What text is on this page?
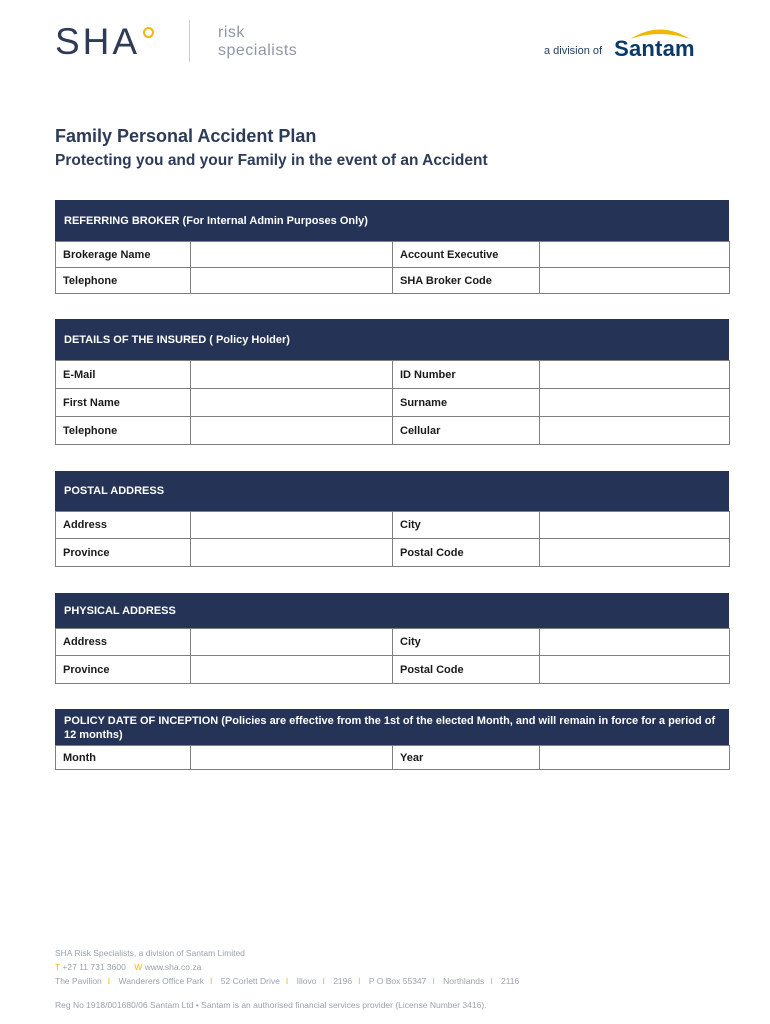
SHA	risk
specialists	a division of Santam
Family Personal Accident Plan
Protecting you and your Family in the event of an Accident
REFERRING BROKER (For Internal Admin Purposes Only)
Brokerage Name		Account Executive	
Telephone		SHA Broker Code	
DETAILS OF THE INSURED ( Policy Holder)
E-Mail		ID Number	
First Name		Surname	
Telephone		Cellular	
POSTAL ADDRESS
Address		City	
Province		Postal Code	
PHYSICAL ADDRESS
Address		City	
Province		Postal Code	
POLICY DATE OF INCEPTION (Policies are effective from the 1st of the elected Month, and will remain in force for a period of 12 months)
Month		Year	
SHA Risk Specialists, a division of Santam Limited
T +27 11 731 3600 W www.sha.co.za
The Pavilion I Wanderers Office Park I 52 Corlett Drive I Illovo I 2196 I P O Box 55347 I Northlands I 2116
Reg No 1918/001680/06 Santam Ltd • Santam is an authorised financial services provider (License Number 3416).
